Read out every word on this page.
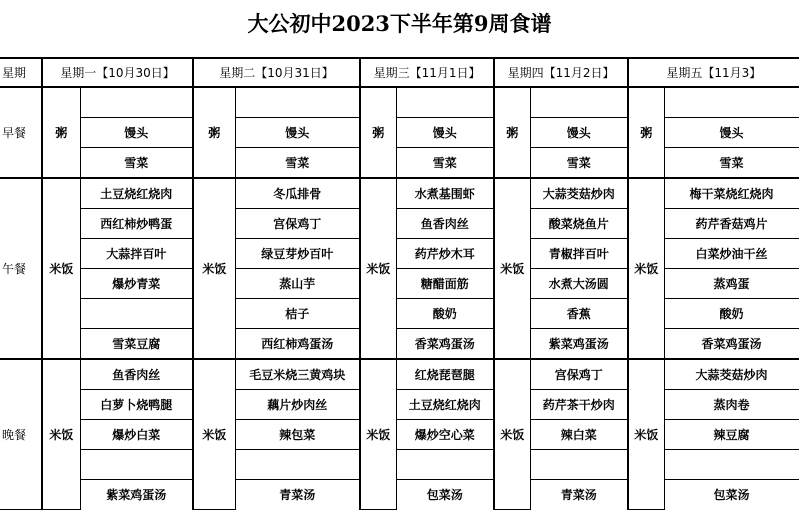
大公初中2023下半年第9周食谱
星期	星期一【10月30日】		星期二【10月31日】		星期三【11月1日】		星期四【11月2日】		星期五【11月3】	
早餐	粥		粥		粥		粥		粥	
		馒头		馒头		馒头		馒头		馒头
		雪菜		雪菜		雪菜		雪菜		雪菜
午餐	米饭	土豆烧红烧肉	米饭	冬瓜排骨	米饭	水煮基围虾	米饭	大蒜茭菇炒肉	米饭	梅干菜烧红烧肉
		西红柿炒鸭蛋		宫保鸡丁		鱼香肉丝		酸菜烧鱼片		药芹香菇鸡片
		大蒜拌百叶		绿豆芽炒百叶		药芹炒木耳		青椒拌百叶		白菜炒油干丝
		爆炒青菜		蒸山芋		糖醋面筋		水煮大汤圆		蒸鸡蛋
				桔子		酸奶		香蕉		酸奶
		雪菜豆腐		西红柿鸡蛋汤		香菜鸡蛋汤		紫菜鸡蛋汤		香菜鸡蛋汤
晚餐	米饭	鱼香肉丝	米饭	毛豆米烧三黄鸡块	米饭	红烧琵琶腿	米饭	宫保鸡丁	米饭	大蒜茭菇炒肉
		白萝卜烧鸭腿		藕片炒肉丝		土豆烧红烧肉		药芹茶干炒肉		蒸肉卷
		爆炒白菜		辣包菜		爆炒空心菜		辣白菜		辣豆腐

		紫菜鸡蛋汤		青菜汤		包菜汤		青菜汤		包菜汤
